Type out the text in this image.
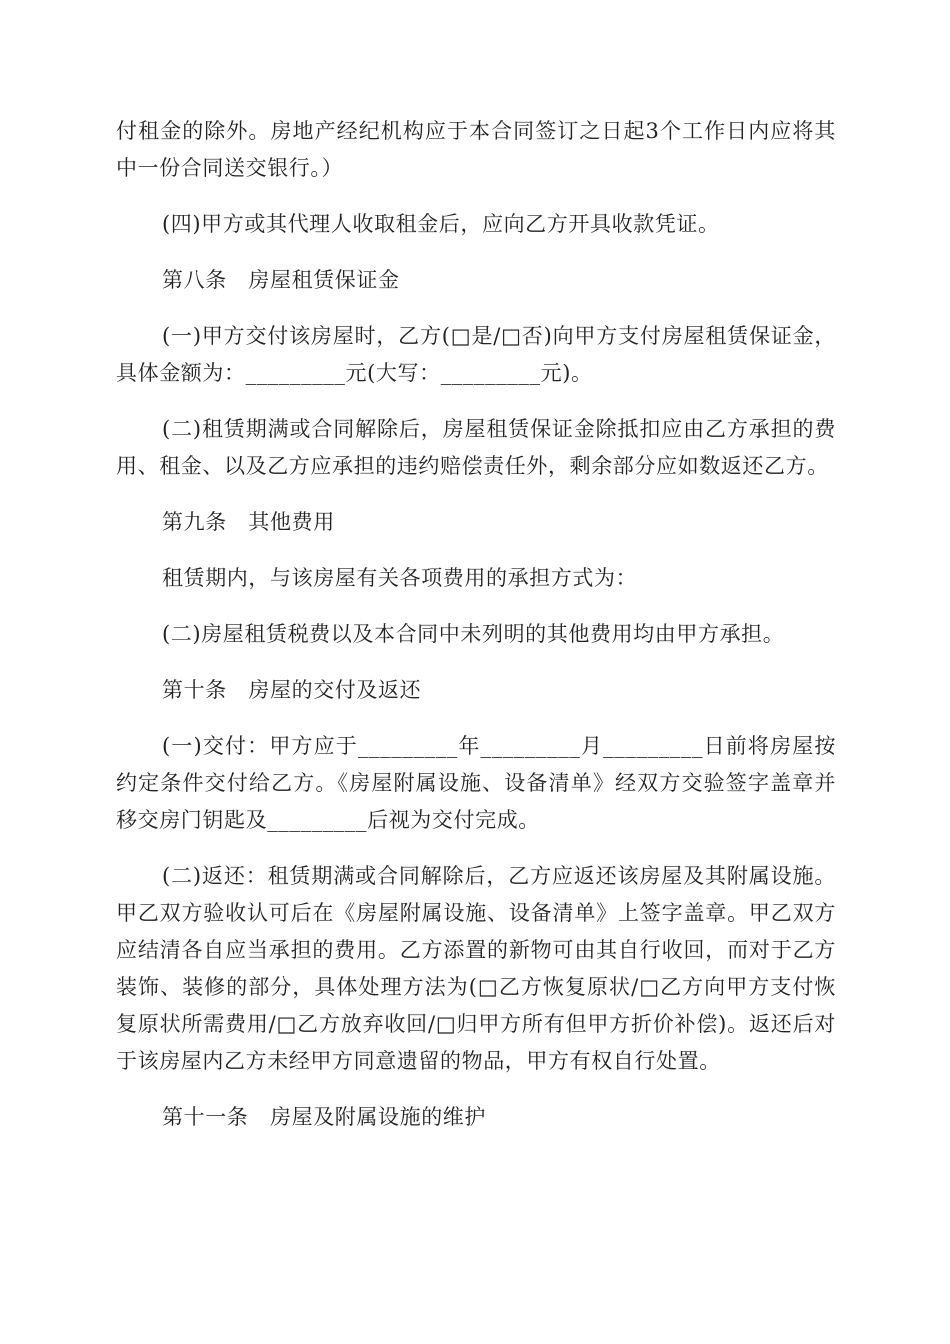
付租金的除外。房地产经纪机构应于本合同签订之日起3个工作日内应将其中一份合同送交银行。）

(四)甲方或其代理人收取租金后，应向乙方开具收款凭证。

第八条　房屋租赁保证金

(一)甲方交付该房屋时，乙方(□是/□否)向甲方支付房屋租赁保证金，具体金额为：_________元(大写：_________元)。

(二)租赁期满或合同解除后，房屋租赁保证金除抵扣应由乙方承担的费用、租金、以及乙方应承担的违约赔偿责任外，剩余部分应如数返还乙方。

第九条　其他费用

租赁期内，与该房屋有关各项费用的承担方式为：

(二)房屋租赁税费以及本合同中未列明的其他费用均由甲方承担。

第十条　房屋的交付及返还

(一)交付：甲方应于_________年_________月_________日前将房屋按约定条件交付给乙方。《房屋附属设施、设备清单》经双方交验签字盖章并移交房门钥匙及_________后视为交付完成。

(二)返还：租赁期满或合同解除后，乙方应返还该房屋及其附属设施。甲乙双方验收认可后在《房屋附属设施、设备清单》上签字盖章。甲乙双方应结清各自应当承担的费用。乙方添置的新物可由其自行收回，而对于乙方装饰、装修的部分，具体处理方法为(□乙方恢复原状/□乙方向甲方支付恢复原状所需费用/□乙方放弃收回/□归甲方所有但甲方折价补偿)。返还后对于该房屋内乙方未经甲方同意遗留的物品，甲方有权自行处置。

第十一条　房屋及附属设施的维护
